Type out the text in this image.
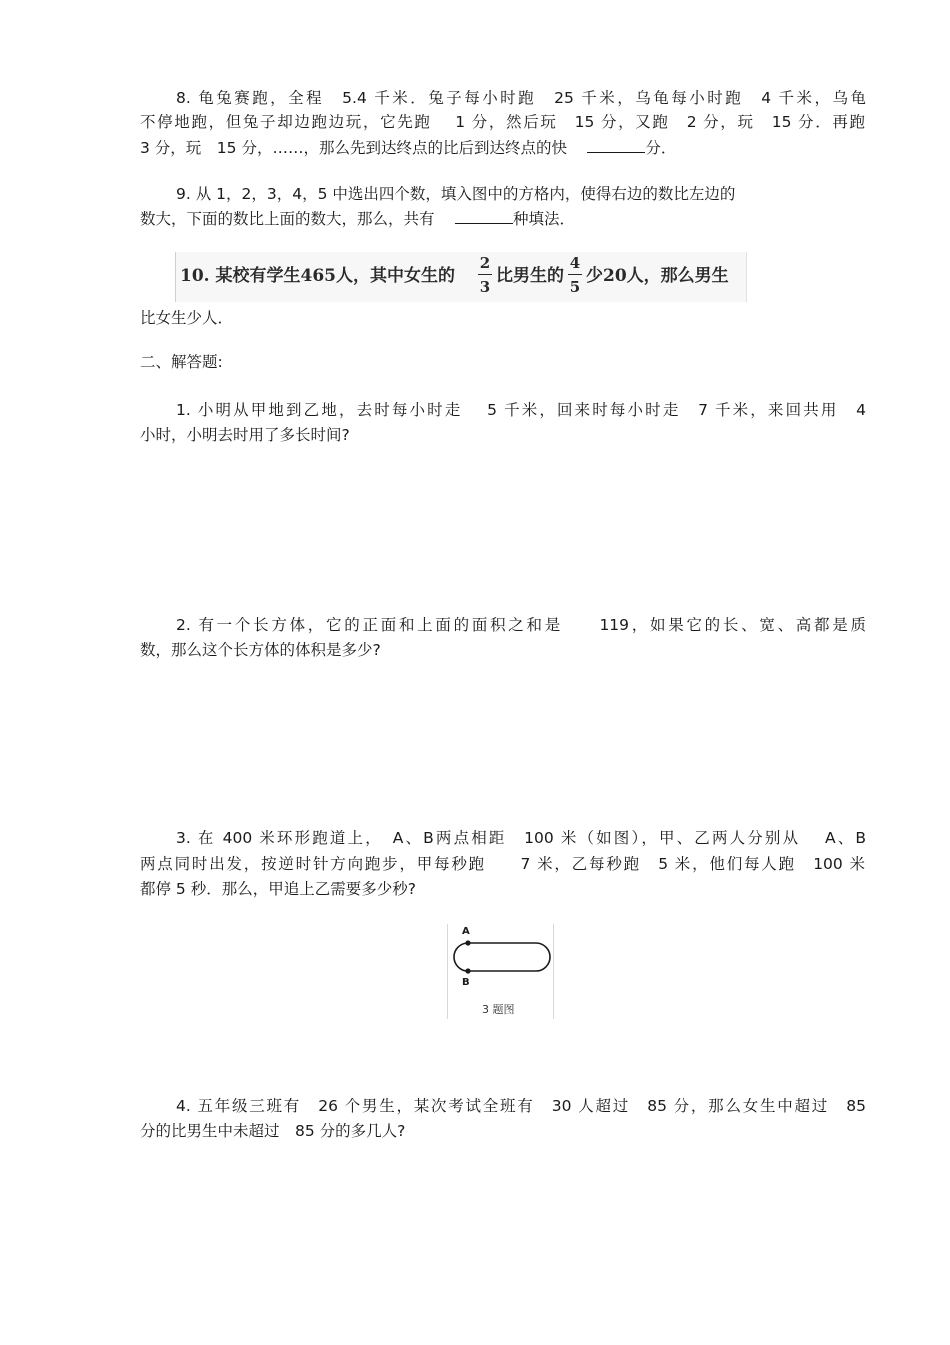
8. 龟兔赛跑，全程　5.4 千米．兔子每小时跑　25 千米，乌龟每小时跑　4 千米，乌龟
不停地跑，但兔子却边跑边玩，它先跑　 1 分，然后玩　15 分，又跑　2 分，玩　15 分．再跑
3 分，玩　15 分，……，那么先到达终点的比后到达终点的快　	分．
9. 从 1，2，3，4，5 中选出四个数，填入图中的方格内，使得右边的数比左边的
数大，下面的数比上面的数大，那么，共有　	种填法．
10. 某校有学生465人，其中女生的
2
3
比男生的
4
5
少20人，那么男生
比女生少人．
二、解答题:
1. 小明从甲地到乙地，去时每小时走　 5 千米，回来时每小时走　7 千米，来回共用　4
小时，小明去时用了多长时间?
2. 有一个长方体，它的正面和上面的面积之和是　　119，如果它的长、宽、高都是质
数，那么这个长方体的体积是多少?
3. 在 400 米环形跑道上，　A、B两点相距　100 米（如图），甲、乙两人分别从　 A、B
两点同时出发，按逆时针方向跑步，甲每秒跑　　7 米，乙每秒跑　5 米，他们每人跑　100 米
都停 5 秒．那么，甲追上乙需要多少秒?
A
B
3 题图
4. 五年级三班有　26 个男生，某次考试全班有　30 人超过　85 分，那么女生中超过　85
分的比男生中未超过　85 分的多几人?
